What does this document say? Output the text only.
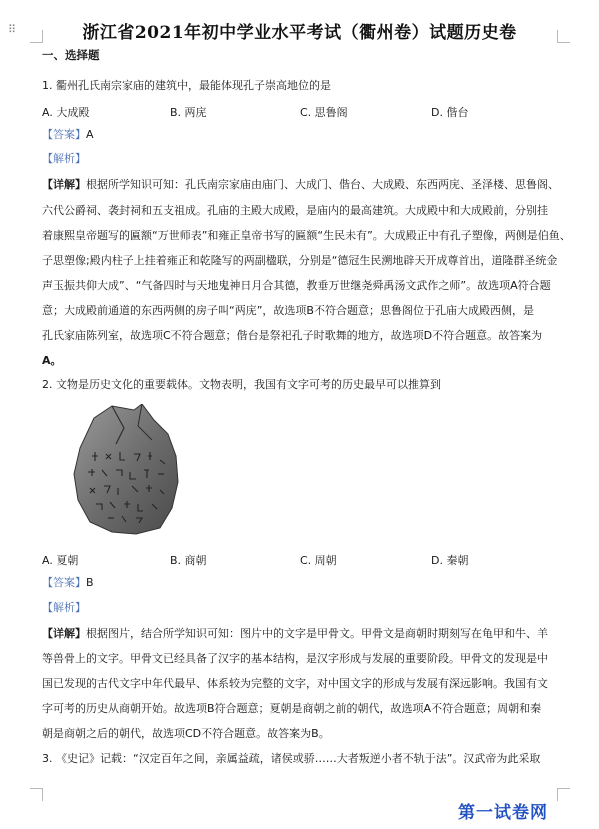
⠿	浙江省2021年初中学业水平考试（衢州卷）试题历史卷
一、选择题
1. 衢州孔氏南宗家庙的建筑中，最能体现孔子崇高地位的是
A. 大成殿	B. 两庑	C. 思鲁阁	D. 偕台
【答案】A
【解析】
【详解】根据所学知识可知：孔氏南宗家庙由庙门、大成门、偕台、大成殿、东西两庑、圣泽楼、思鲁阁、
六代公爵祠、袭封祠和五支祖成。孔庙的主殿大成殿，是庙内的最高建筑。大成殿中和大成殿前，分别挂
着康熙皇帝题写的匾额“万世师表”和雍正皇帝书写的匾额“生民未有”。大成殿正中有孔子塑像，两侧是伯鱼、
子思塑像;殿内柱子上挂着雍正和乾隆写的两副楹联，分别是“德冠生民溯地辟天开成尊首出，道隆群圣统金
声玉振共仰大成”、“气备四时与天地鬼神日月合其德，教垂万世继尧舜禹汤文武作之师”。故选项A符合题
意；大成殿前通道的东西两侧的房子叫“两庑”，故选项B不符合题意；思鲁阁位于孔庙大成殿西侧，是
孔氏家庙陈列室，故选项C不符合题意；偕台是祭祀孔子时歌舞的地方，故选项D不符合题意。故答案为
A。
2. 文物是历史文化的重要载体。文物表明，我国有文字可考的历史最早可以推算到
A. 夏朝	B. 商朝	C. 周朝	D. 秦朝
【答案】B
【解析】
【详解】根据图片，结合所学知识可知：图片中的文字是甲骨文。甲骨文是商朝时期刻写在龟甲和牛、羊
等兽骨上的文字。甲骨文已经具备了汉字的基本结构，是汉字形成与发展的重要阶段。甲骨文的发现是中
国已发现的古代文字中年代最早、体系较为完整的文字，对中国文字的形成与发展有深远影响。我国有文
字可考的历史从商朝开始。故选项B符合题意；夏朝是商朝之前的朝代，故选项A不符合题意；周朝和秦
朝是商朝之后的朝代，故选项CD不符合题意。故答案为B。
3. 《史记》记载：“汉定百年之间，亲属益疏，诸侯或骄……大者叛逆小者不轨于法”。汉武帝为此采取
第一试卷网
